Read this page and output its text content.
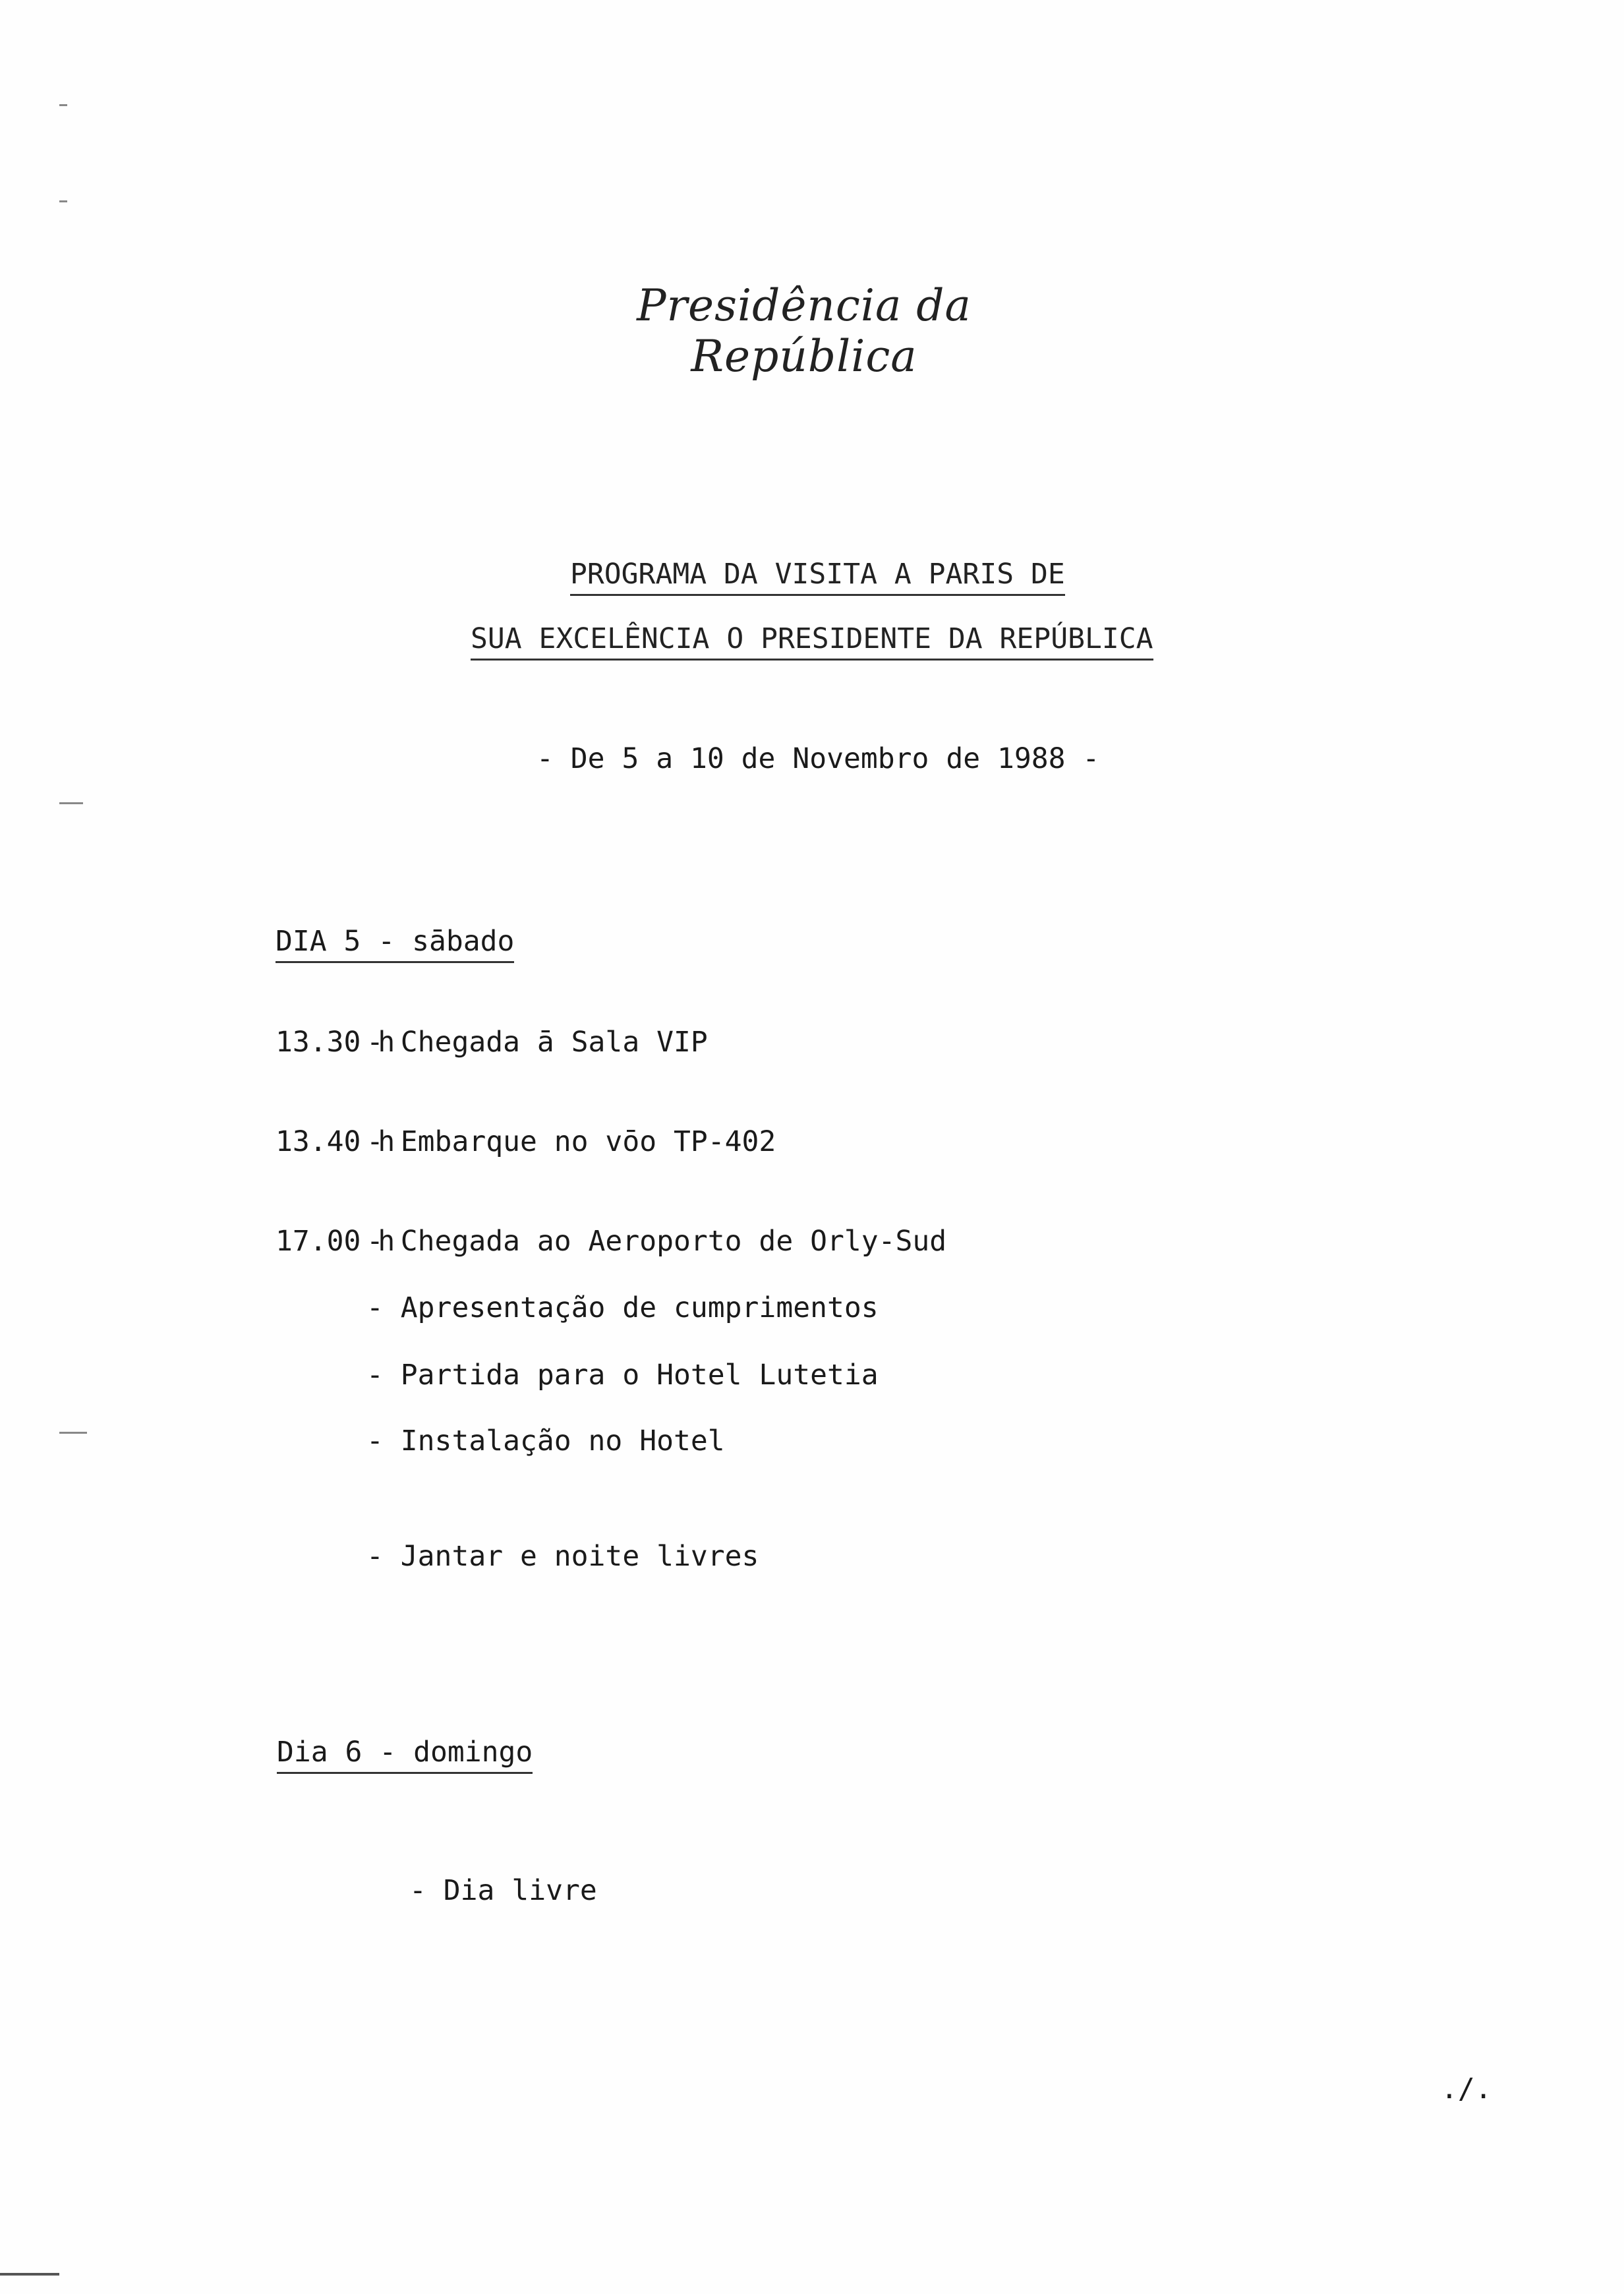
Presidência da República
PROGRAMA DA VISITA A PARIS DE
SUA EXCELÊNCIA O PRESIDENTE DA REPÚBLICA
- De 5 a 10 de Novembro de 1988 -
DIA 5 - sābado
13.30 h- Chegada ā Sala VIP
13.40 h- Embarque no vōo TP-402
17.00 h- Chegada ao Aeroporto de Orly-Sud
- Apresentação de cumprimentos
- Partida para o Hotel Lutetia
- Instalação no Hotel
- Jantar e noite livres
Dia 6 - domingo
- Dia livre
./.
